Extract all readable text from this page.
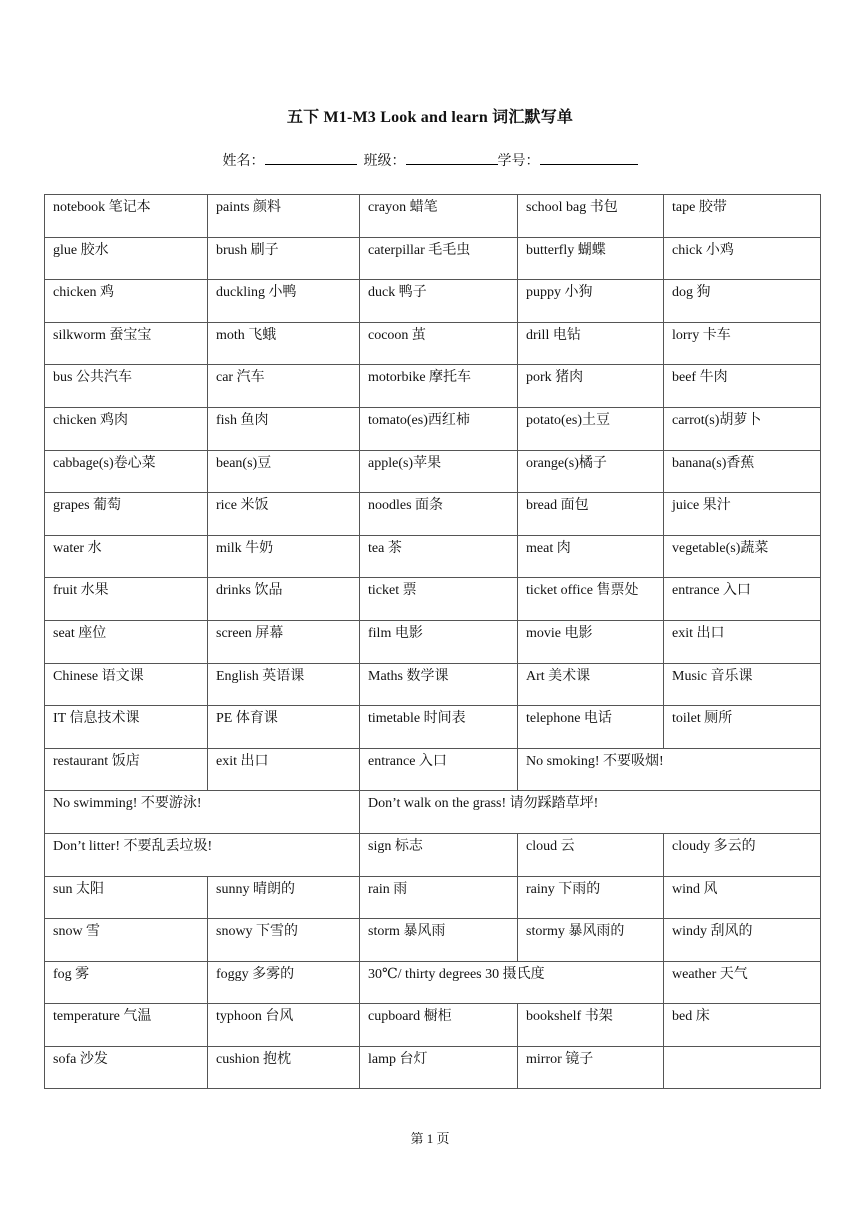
五下 M1-M3 Look and learn 词汇默写单
姓名：	班级：	学号：
notebook 笔记本	paints 颜料	crayon 蜡笔	school bag 书包	tape 胶带
glue 胶水	brush 刷子	caterpillar 毛毛虫	butterfly 蝴蝶	chick 小鸡
chicken 鸡	duckling 小鸭	duck 鸭子	puppy 小狗	dog 狗
silkworm 蚕宝宝	moth 飞蛾	cocoon 茧	drill 电钻	lorry 卡车
bus 公共汽车	car 汽车	motorbike 摩托车	pork 猪肉	beef 牛肉
chicken 鸡肉	fish 鱼肉	tomato(es)西红柿	potato(es)土豆	carrot(s)胡萝卜
cabbage(s)卷心菜	bean(s)豆	apple(s)苹果	orange(s)橘子	banana(s)香蕉
grapes 葡萄	rice 米饭	noodles 面条	bread 面包	juice 果汁
water 水	milk 牛奶	tea 茶	meat 肉	vegetable(s)蔬菜
fruit 水果	drinks 饮品	ticket 票	ticket office 售票处	entrance 入口
seat 座位	screen 屏幕	film 电影	movie 电影	exit 出口
Chinese 语文课	English 英语课	Maths 数学课	Art 美术课	Music 音乐课
IT 信息技术课	PE 体育课	timetable 时间表	telephone 电话	toilet 厕所
restaurant 饭店	exit 出口	entrance 入口	No smoking! 不要吸烟!	
No swimming! 不要游泳!		Don’t walk on the grass! 请勿踩踏草坪!		
Don’t litter! 不要乱丢垃圾!		sign 标志	cloud 云	cloudy 多云的
sun 太阳	sunny 晴朗的	rain 雨	rainy 下雨的	wind 风
snow 雪	snowy 下雪的	storm 暴风雨	stormy 暴风雨的	windy 刮风的
fog 雾	foggy 多雾的	30℃/ thirty degrees 30 摄氏度		weather 天气
temperature 气温	typhoon 台风	cupboard 橱柜	bookshelf 书架	bed 床
sofa 沙发	cushion 抱枕	lamp 台灯	mirror 镜子	
第 1 页
